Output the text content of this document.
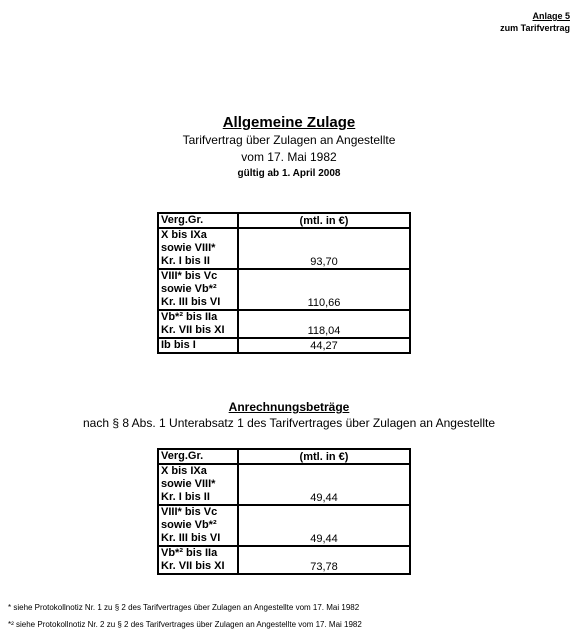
Anlage 5
zum Tarifvertrag
Allgemeine Zulage
Tarifvertrag über Zulagen an Angestellte
vom 17. Mai 1982
gültig ab 1. April 2008
Verg.Gr.	(mtl. in €)

X bis IXa
sowie VIII*
Kr. I bis II	93,70

VIII* bis Vc
sowie Vb*²
Kr. III bis VI	110,66

Vb*² bis IIa
Kr. VII bis XI	118,04

Ib bis I	44,27
Anrechnungsbeträge
nach § 8 Abs. 1 Unterabsatz 1 des Tarifvertrages über Zulagen an Angestellte
Verg.Gr.	(mtl. in €)

X bis IXa
sowie VIII*
Kr. I bis II	49,44

VIII* bis Vc
sowie Vb*²
Kr. III bis VI	49,44

Vb*² bis IIa
Kr. VII bis XI	73,78
* siehe Protokollnotiz Nr. 1 zu § 2 des Tarifvertrages über Zulagen an Angestellte vom 17. Mai 1982
*² siehe Protokollnotiz Nr. 2 zu § 2 des Tarifvertrages über Zulagen an Angestellte vom 17. Mai 1982
